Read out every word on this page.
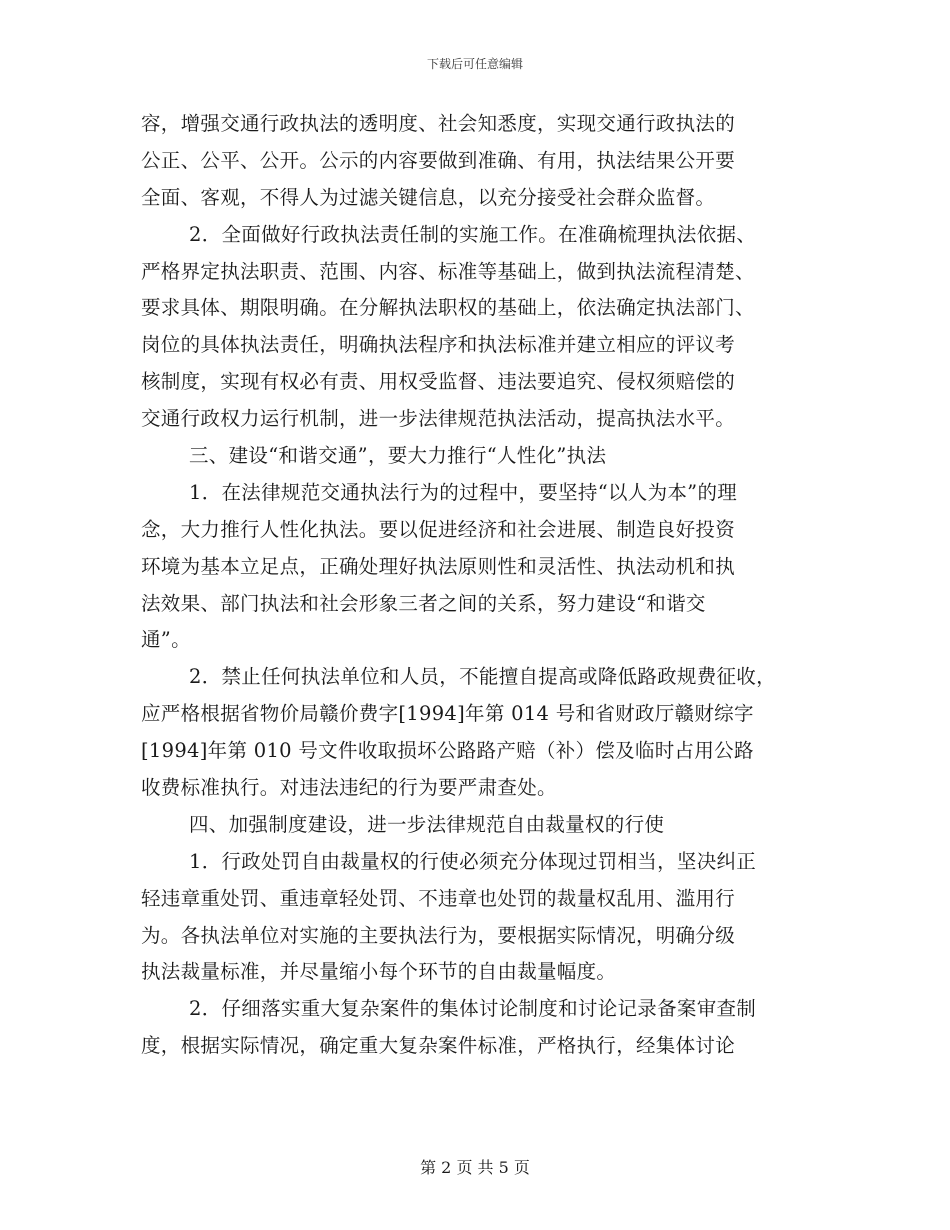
下载后可任意编辑
容，增强交通行政执法的透明度、社会知悉度，实现交通行政执法的
公正、公平、公开。公示的内容要做到准确、有用，执法结果公开要
全面、客观，不得人为过滤关键信息，以充分接受社会群众监督。
2．全面做好行政执法责任制的实施工作。在准确梳理执法依据、
严格界定执法职责、范围、内容、标准等基础上，做到执法流程清楚、
要求具体、期限明确。在分解执法职权的基础上，依法确定执法部门、
岗位的具体执法责任，明确执法程序和执法标准并建立相应的评议考
核制度，实现有权必有责、用权受监督、违法要追究、侵权须赔偿的
交通行政权力运行机制，进一步法律规范执法活动，提高执法水平。
三、建设“和谐交通”，要大力推行“人性化”执法
1．在法律规范交通执法行为的过程中，要坚持“以人为本”的理
念，大力推行人性化执法。要以促进经济和社会进展、制造良好投资
环境为基本立足点，正确处理好执法原则性和灵活性、执法动机和执
法效果、部门执法和社会形象三者之间的关系，努力建设“和谐交
通”。
2．禁止任何执法单位和人员，不能擅自提高或降低路政规费征收，
应严格根据省物价局赣价费字[1994]年第 014 号和省财政厅赣财综字
[1994]年第 010 号文件收取损坏公路路产赔（补）偿及临时占用公路
收费标准执行。对违法违纪的行为要严肃查处。
四、加强制度建设，进一步法律规范自由裁量权的行使
1．行政处罚自由裁量权的行使必须充分体现过罚相当，坚决纠正
轻违章重处罚、重违章轻处罚、不违章也处罚的裁量权乱用、滥用行
为。各执法单位对实施的主要执法行为，要根据实际情况，明确分级
执法裁量标准，并尽量缩小每个环节的自由裁量幅度。
2．仔细落实重大复杂案件的集体讨论制度和讨论记录备案审查制
度，根据实际情况，确定重大复杂案件标准，严格执行，经集体讨论
第 2 页 共 5 页
